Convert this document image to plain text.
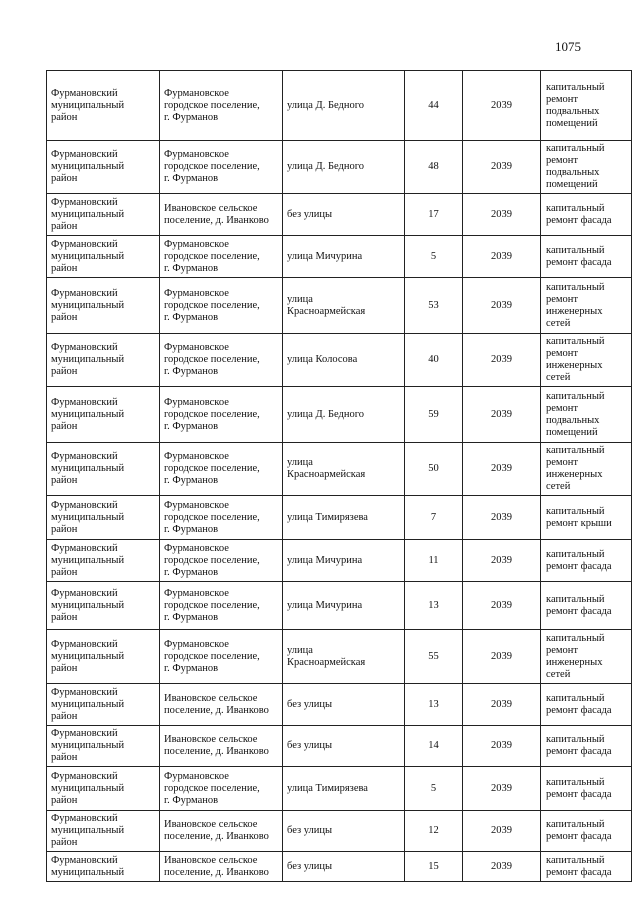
1075
Фурмановский
муниципальный
район	Фурмановское
городское поселение,
г. Фурманов	улица Д. Бедного	44	2039	капитальный
ремонт
подвальных
помещений

Фурмановский
муниципальный
район	Фурмановское
городское поселение,
г. Фурманов	улица Д. Бедного	48	2039	капитальный
ремонт
подвальных
помещений

Фурмановский
муниципальный
район	Ивановское сельское
поселение, д. Иванково	без улицы	17	2039	капитальный
ремонт фасада

Фурмановский
муниципальный
район	Фурмановское
городское поселение,
г. Фурманов	улица Мичурина	5	2039	капитальный
ремонт фасада

Фурмановский
муниципальный
район	Фурмановское
городское поселение,
г. Фурманов	улица
Красноармейская	53	2039	капитальный
ремонт
инженерных
сетей

Фурмановский
муниципальный
район	Фурмановское
городское поселение,
г. Фурманов	улица Колосова	40	2039	капитальный
ремонт
инженерных
сетей

Фурмановский
муниципальный
район	Фурмановское
городское поселение,
г. Фурманов	улица Д. Бедного	59	2039	капитальный
ремонт
подвальных
помещений

Фурмановский
муниципальный
район	Фурмановское
городское поселение,
г. Фурманов	улица
Красноармейская	50	2039	капитальный
ремонт
инженерных
сетей

Фурмановский
муниципальный
район	Фурмановское
городское поселение,
г. Фурманов	улица Тимирязева	7	2039	капитальный
ремонт крыши

Фурмановский
муниципальный
район	Фурмановское
городское поселение,
г. Фурманов	улица Мичурина	11	2039	капитальный
ремонт фасада

Фурмановский
муниципальный
район	Фурмановское
городское поселение,
г. Фурманов	улица Мичурина	13	2039	капитальный
ремонт фасада

Фурмановский
муниципальный
район	Фурмановское
городское поселение,
г. Фурманов	улица
Красноармейская	55	2039	капитальный
ремонт
инженерных
сетей

Фурмановский
муниципальный
район	Ивановское сельское
поселение, д. Иванково	без улицы	13	2039	капитальный
ремонт фасада

Фурмановский
муниципальный
район	Ивановское сельское
поселение, д. Иванково	без улицы	14	2039	капитальный
ремонт фасада

Фурмановский
муниципальный
район	Фурмановское
городское поселение,
г. Фурманов	улица Тимирязева	5	2039	капитальный
ремонт фасада

Фурмановский
муниципальный
район	Ивановское сельское
поселение, д. Иванково	без улицы	12	2039	капитальный
ремонт фасада

Фурмановский
муниципальный	Ивановское сельское
поселение, д. Иванково	без улицы	15	2039	капитальный
ремонт фасада
